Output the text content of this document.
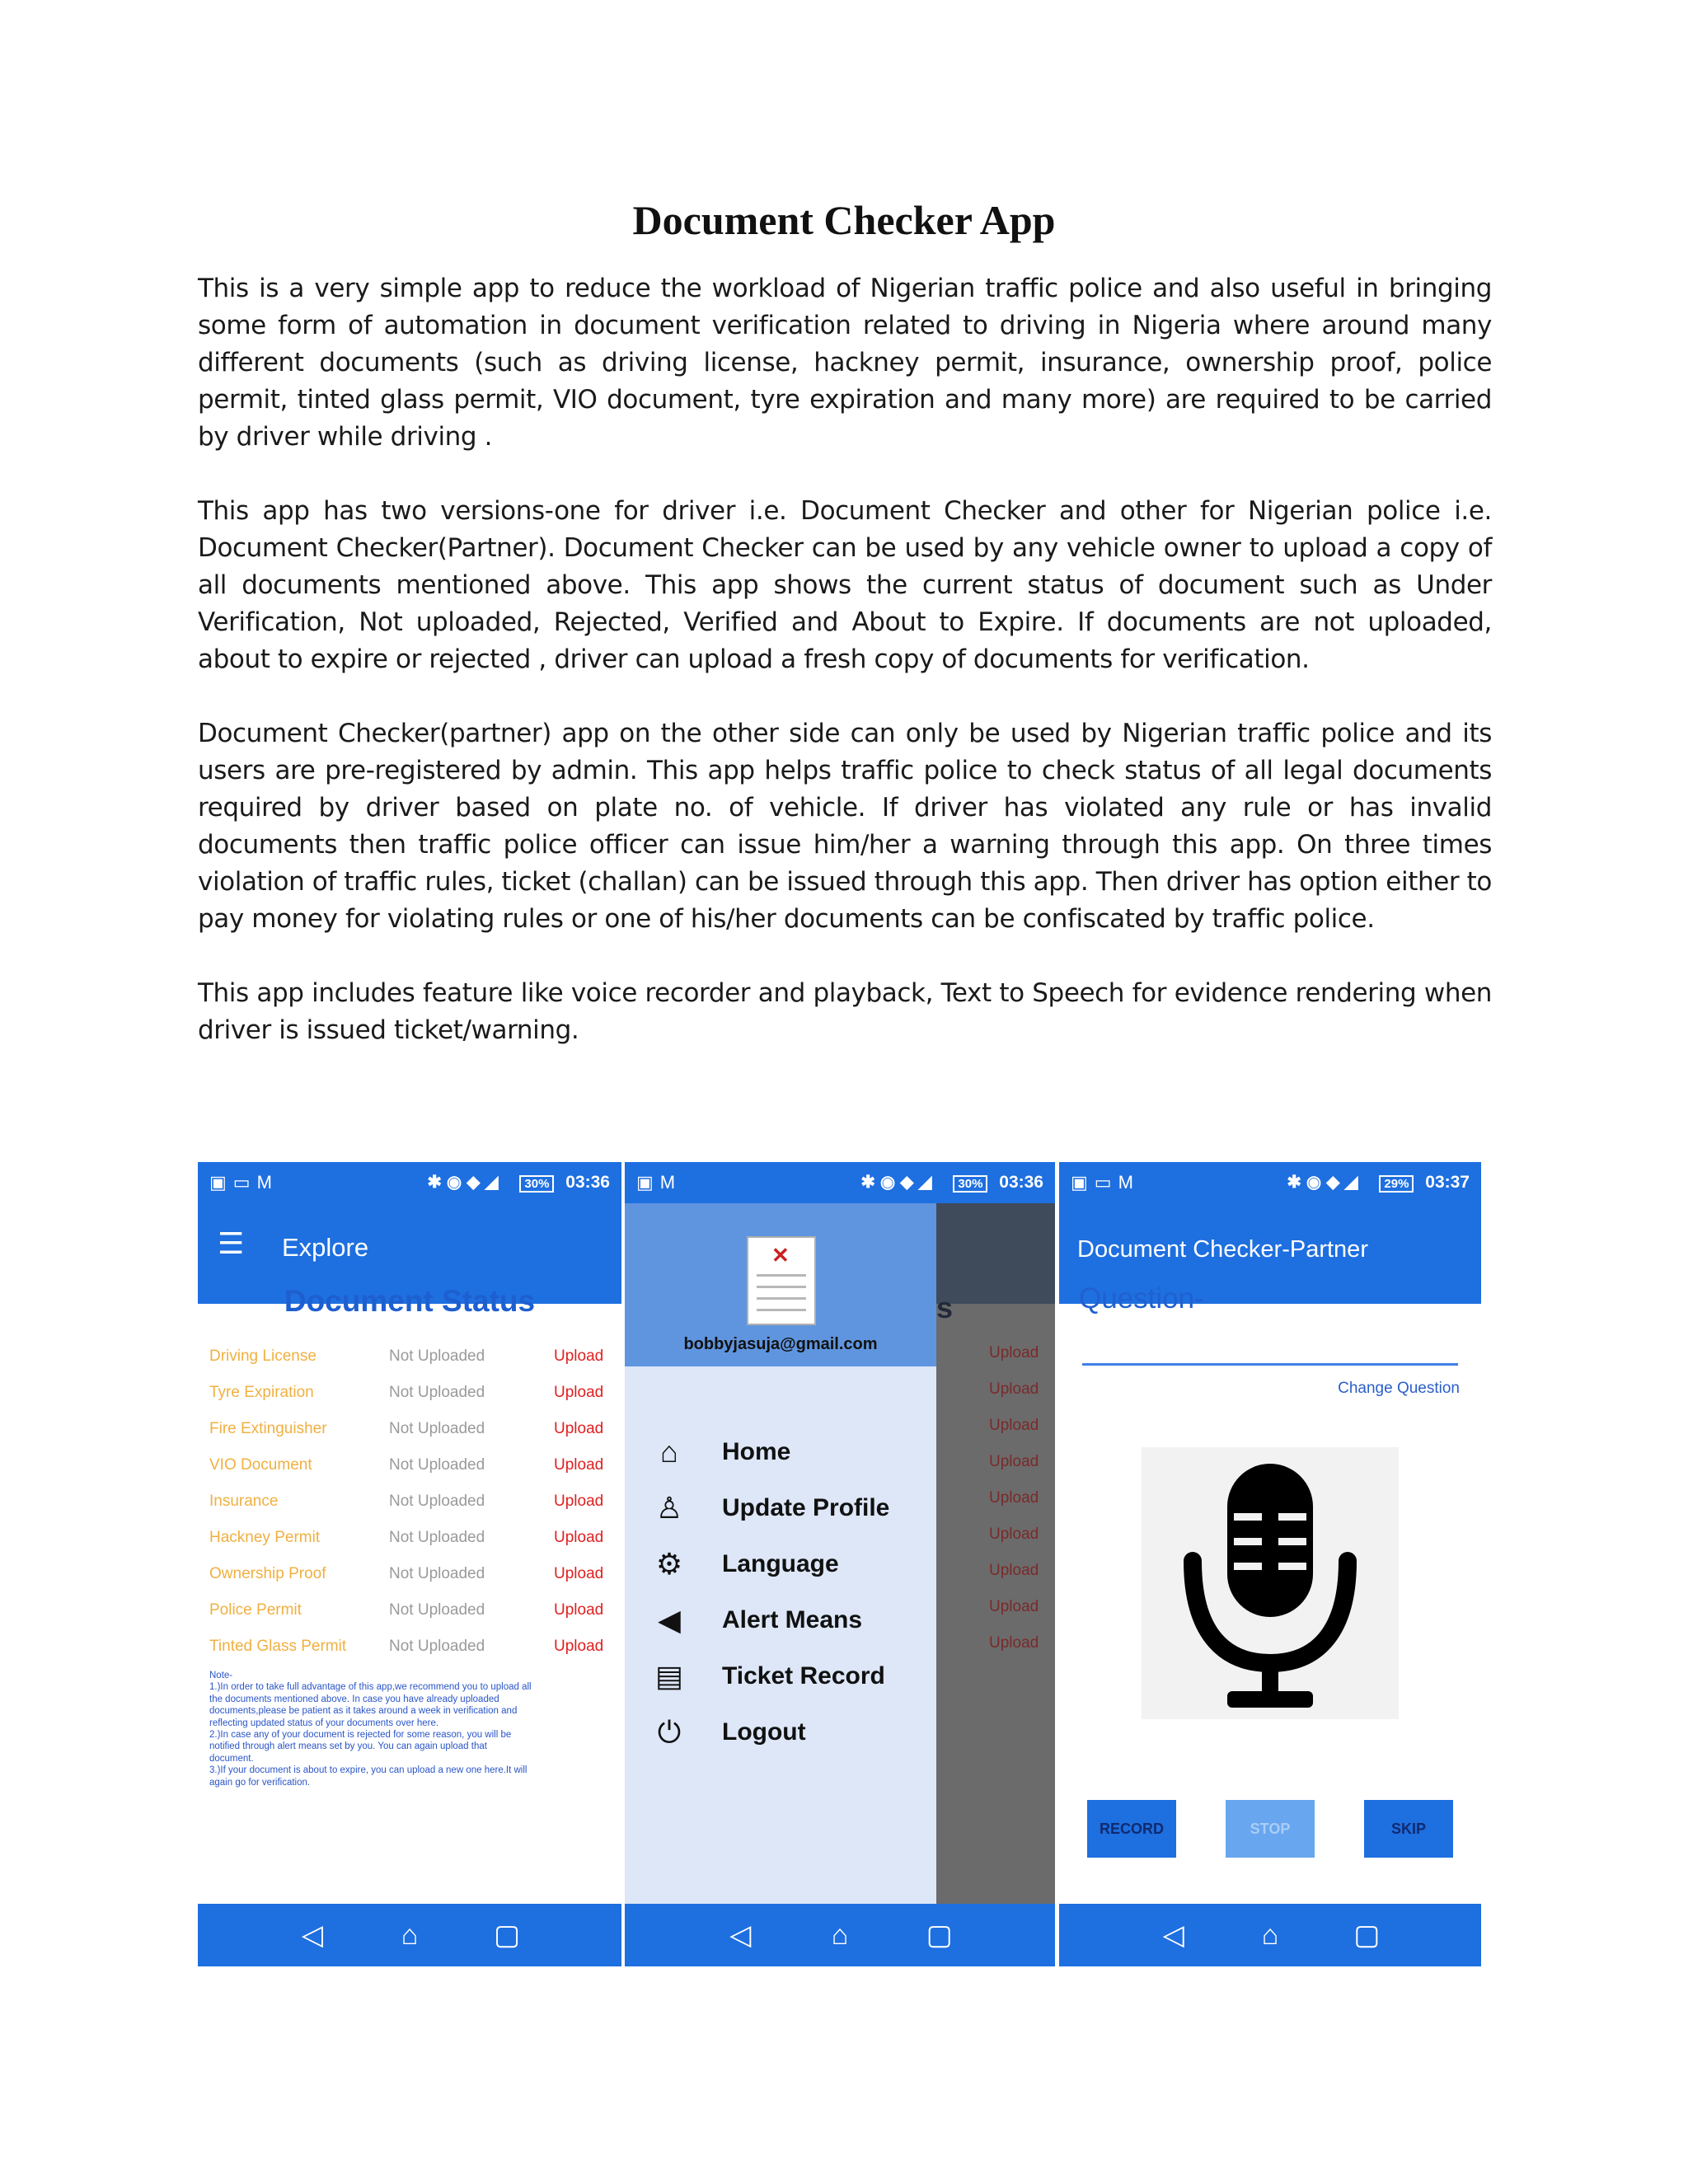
Document Checker App

This is a very simple app to reduce the workload of Nigerian traffic police and also useful in bringing some form of automation in document verification related to driving in Nigeria where around many different documents (such as driving license, hackney permit, insurance, ownership proof, police permit, tinted glass permit, VIO document, tyre expiration and many more) are required to be carried by driver while driving .

This app has two versions-one for driver i.e. Document Checker and other for Nigerian police i.e. Document Checker(Partner). Document Checker can be used by any vehicle owner to upload a copy of all documents mentioned above. This app shows the current status of document such as Under Verification, Not uploaded, Rejected, Verified and About to Expire. If documents are not uploaded, about to expire or rejected , driver can upload a fresh copy of documents for verification.

Document Checker(partner) app on the other side can only be used by Nigerian traffic police and its users are pre-registered by admin. This app helps traffic police to check status of all legal documents required by driver based on plate no. of vehicle. If driver has violated any rule or has invalid documents then traffic police officer can issue him/her a warning through this app. On three times violation of traffic rules, ticket (challan) can be issued through this app. Then driver has option either to pay money for violating rules or one of his/her documents can be confiscated by traffic police.

This app includes feature like voice recorder and playback, Text to Speech for evidence rendering when driver is issued ticket/warning.

▣▭M	✱◉◆◢ 30% 03:36
☰ Explore
Document Status
Driving License	Not Uploaded	Upload
Tyre Expiration	Not Uploaded	Upload
Fire Extinguisher	Not Uploaded	Upload
VIO Document	Not Uploaded	Upload
Insurance	Not Uploaded	Upload
Hackney Permit	Not Uploaded	Upload
Ownership Proof	Not Uploaded	Upload
Police Permit	Not Uploaded	Upload
Tinted Glass Permit	Not Uploaded	Upload
Note-
1.)In order to take full advantage of this app,we recommend you to upload all
the documents mentioned above. In case you have already uploaded
documents,please be patient as it takes around a week in verification and
reflecting updated status of your documents over here.
2.)In case any of your document is rejected for some reason, you will be
notified through alert means set by you. You can again upload that
document.
3.)If your document is about to expire, you can upload a new one here.It will
again go for verification.
◁	⌂	▢
▣M	✱◉◆◢ 30% 03:36
s
Upload
Upload
Upload
Upload
Upload
Upload
Upload
Upload
Upload
✕
bobbyjasuja@gmail.com
⌂	Home
♙	Update Profile
⚙	Language
◀	Alert Means
▤	Ticket Record
⏻	Logout
◁	⌂	▢
▣▭M	✱◉◆◢ 29% 03:37
Document Checker-Partner
Question-
Change Question
RECORD	STOP	SKIP
◁	⌂	▢
